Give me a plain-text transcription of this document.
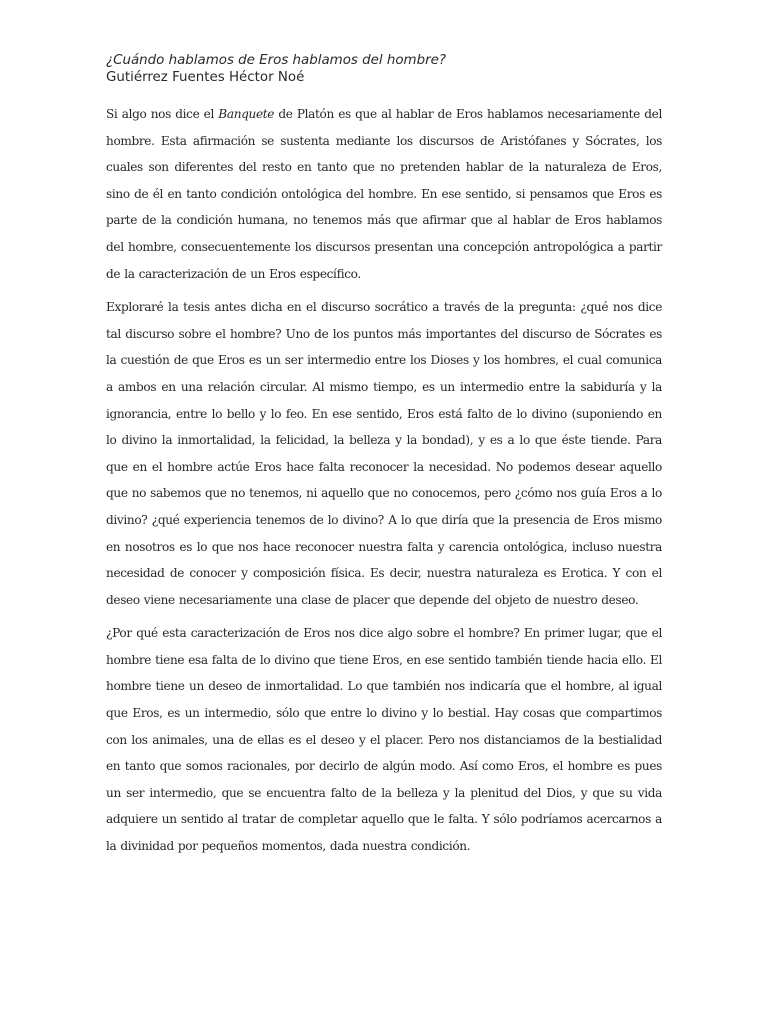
¿Cuándo hablamos de Eros hablamos del hombre?
Gutiérrez Fuentes Héctor Noé

Si algo nos dice el Banquete de Platón es que al hablar de Eros hablamos necesariamente del hombre. Esta afirmación se sustenta mediante los discursos de Aristófanes y Sócrates, los cuales son diferentes del resto en tanto que no pretenden hablar de la naturaleza de Eros, sino de él en tanto condición ontológica del hombre. En ese sentido, si pensamos que Eros es parte de la condición humana, no tenemos más que afirmar que al hablar de Eros hablamos del hombre, consecuentemente los discursos presentan una concepción antropológica a partir de la caracterización de un Eros específico.

Exploraré la tesis antes dicha en el discurso socrático a través de la pregunta: ¿qué nos dice tal discurso sobre el hombre? Uno de los puntos más importantes del discurso de Sócrates es la cuestión de que Eros es un ser intermedio entre los Dioses y los hombres, el cual comunica a ambos en una relación circular. Al mismo tiempo, es un intermedio entre la sabiduría y la ignorancia, entre lo bello y lo feo. En ese sentido, Eros está falto de lo divino (suponiendo en lo divino la inmortalidad, la felicidad, la belleza y la bondad), y es a lo que éste tiende. Para que en el hombre actúe Eros hace falta reconocer la necesidad. No podemos desear aquello que no sabemos que no tenemos, ni aquello que no conocemos, pero ¿cómo nos guía Eros a lo divino? ¿qué experiencia tenemos de lo divino? A lo que diría que la presencia de Eros mismo en nosotros es lo que nos hace reconocer nuestra falta y carencia ontológica, incluso nuestra necesidad de conocer y composición física. Es decir, nuestra naturaleza es Erotica. Y con el deseo viene necesariamente una clase de placer que depende del objeto de nuestro deseo.

¿Por qué esta caracterización de Eros nos dice algo sobre el hombre? En primer lugar, que el hombre tiene esa falta de lo divino que tiene Eros, en ese sentido también tiende hacia ello. El hombre tiene un deseo de inmortalidad. Lo que también nos indicaría que el hombre, al igual que Eros, es un intermedio, sólo que entre lo divino y lo bestial. Hay cosas que compartimos con los animales, una de ellas es el deseo y el placer. Pero nos distanciamos de la bestialidad en tanto que somos racionales, por decirlo de algún modo. Así como Eros, el hombre es pues un ser intermedio, que se encuentra falto de la belleza y la plenitud del Dios, y que su vida adquiere un sentido al tratar de completar aquello que le falta. Y sólo podríamos acercarnos a la divinidad por pequeños momentos, dada nuestra condición.
